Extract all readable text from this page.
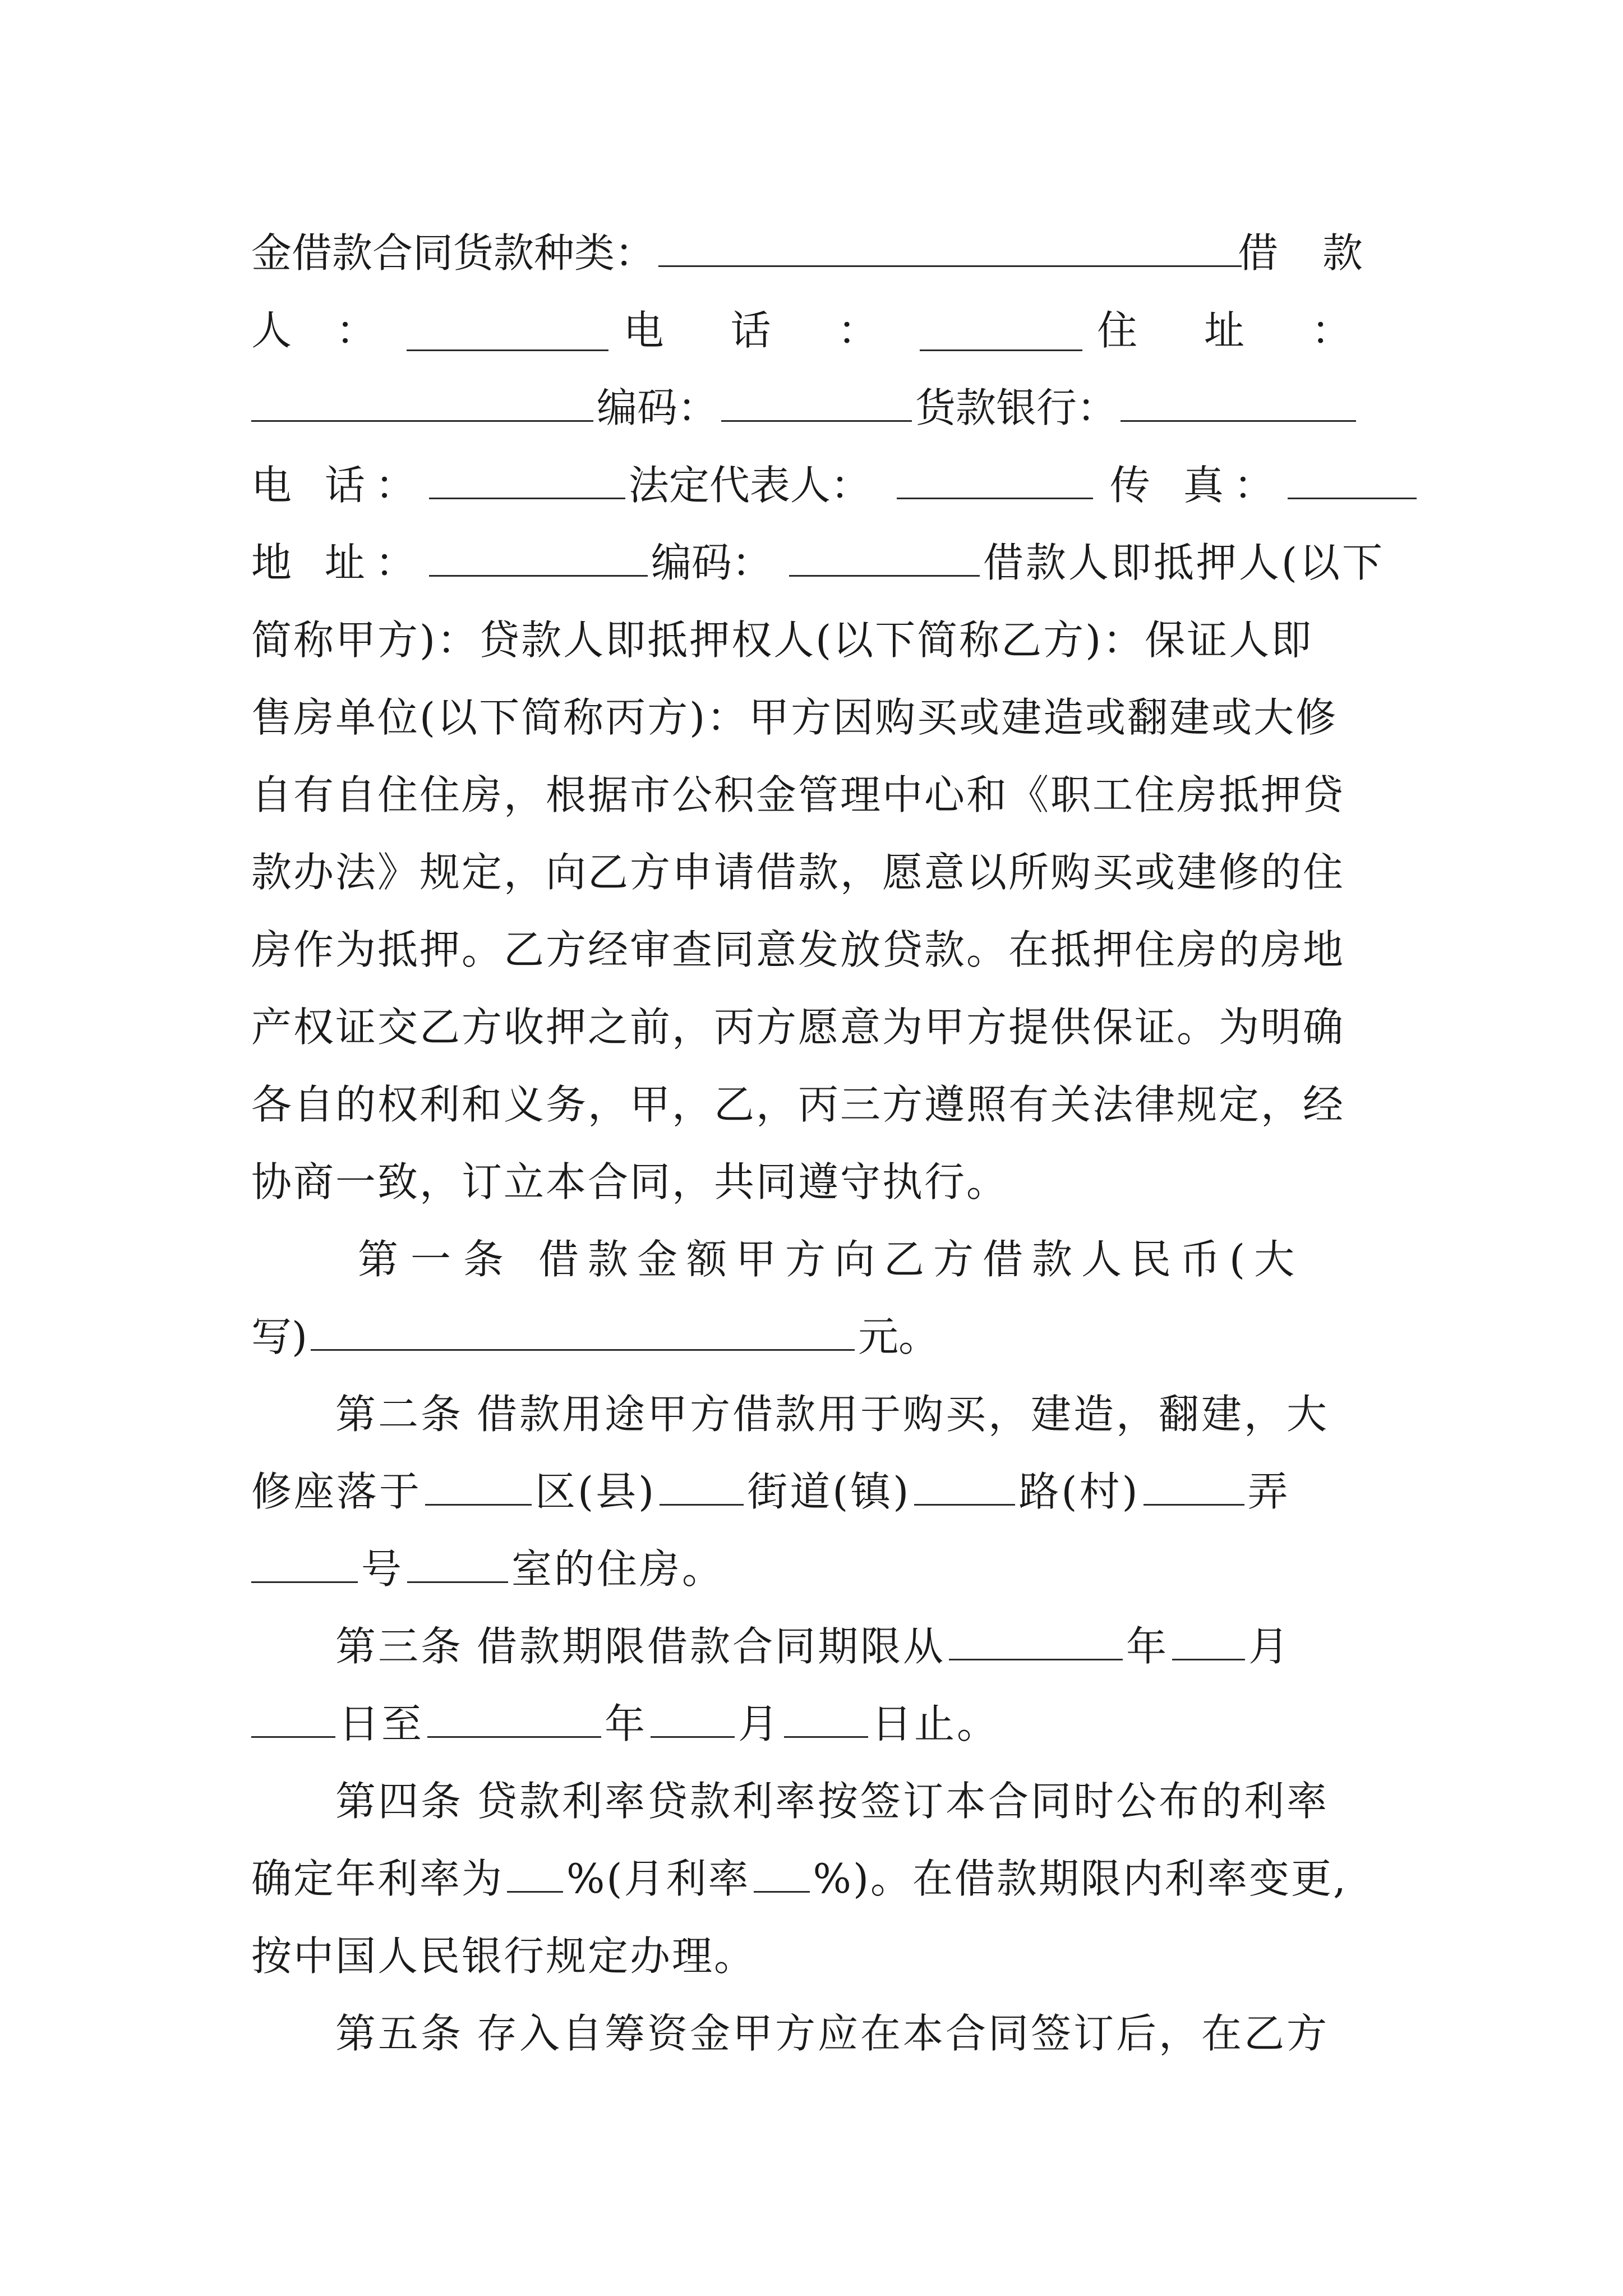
金借款合同货款种类：	借 款
人 ：	电 话 ：	住 址 ：
编码：	货款银行：
电 话：	法定代表人：	传 真：
地 址：	编码：	借款人即抵押人(以下
简称甲方)：贷款人即抵押权人(以下简称乙方)：保证人即
售房单位(以下简称丙方)：甲方因购买或建造或翻建或大修
自有自住住房，根据市公积金管理中心和《职工住房抵押贷
款办法》规定，向乙方申请借款，愿意以所购买或建修的住
房作为抵押。乙方经审查同意发放贷款。在抵押住房的房地
产权证交乙方收押之前，丙方愿意为甲方提供保证。为明确
各自的权利和义务，甲，乙，丙三方遵照有关法律规定，经
协商一致，订立本合同，共同遵守执行。
第一条 借款金额甲方向乙方借款人民币(大
写)	元。
第二条 借款用途甲方借款用于购买，建造，翻建，大
修座落于	区(县) 街道(镇)	路(村)	弄
号	室的住房。
第三条 借款期限借款合同期限从	年 月
日至	年 月 日止。
第四条 贷款利率贷款利率按签订本合同时公布的利率
确定年利率为 %(月利率 %)。在借款期限内利率变更,
按中国人民银行规定办理。
第五条 存入自筹资金甲方应在本合同签订后，在乙方
